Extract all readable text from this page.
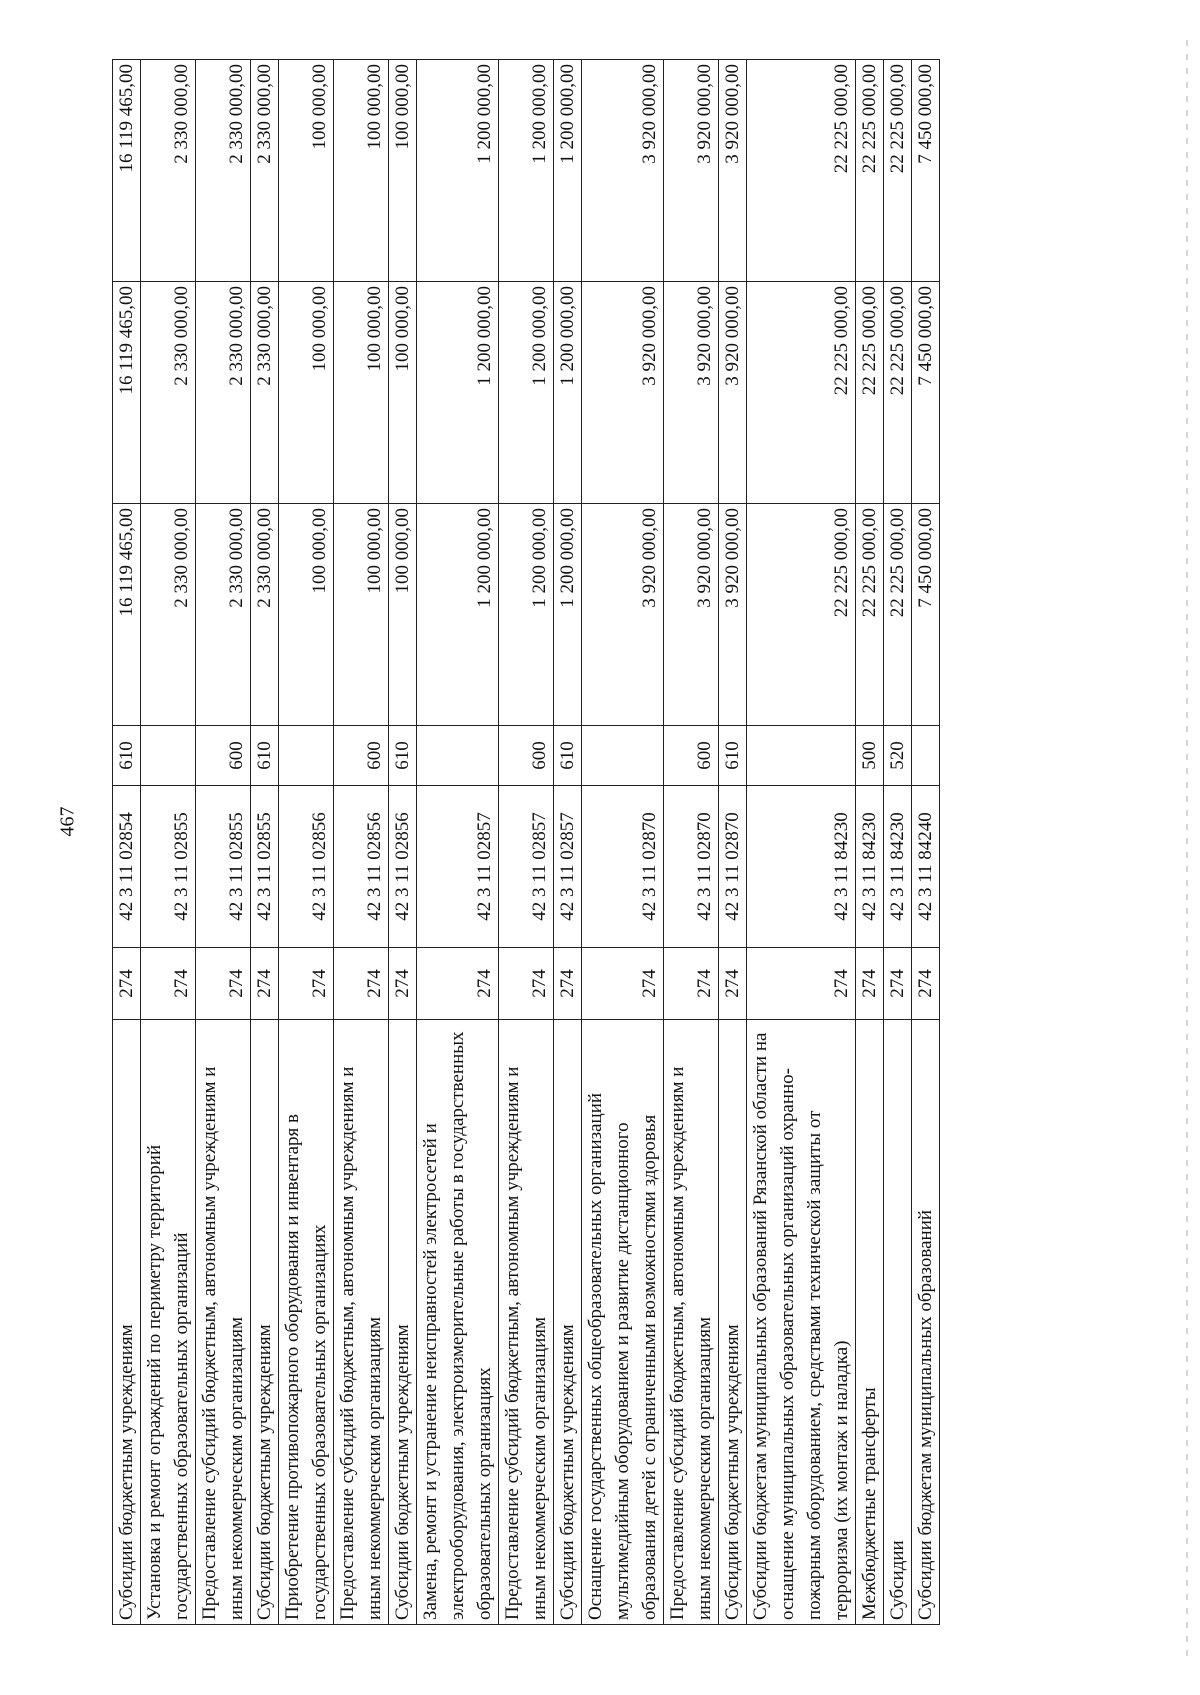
467
Субсидии бюджетным учреждениям	274	42 3 11 02854	610	16 119 465,00	16 119 465,00	16 119 465,00
Установка и ремонт ограждений по периметру территорий государственных образовательных организаций	274	42 3 11 02855		2 330 000,00	2 330 000,00	2 330 000,00
Предоставление субсидий бюджетным, автономным учреждениям и иным некоммерческим организациям	274	42 3 11 02855	600	2 330 000,00	2 330 000,00	2 330 000,00
Субсидии бюджетным учреждениям	274	42 3 11 02855	610	2 330 000,00	2 330 000,00	2 330 000,00
Приобретение противопожарного оборудования и инвентаря в государственных образовательных организациях	274	42 3 11 02856		100 000,00	100 000,00	100 000,00
Предоставление субсидий бюджетным, автономным учреждениям и иным некоммерческим организациям	274	42 3 11 02856	600	100 000,00	100 000,00	100 000,00
Субсидии бюджетным учреждениям	274	42 3 11 02856	610	100 000,00	100 000,00	100 000,00
Замена, ремонт и устранение неисправностей электросетей и электрооборудования, электроизмерительные работы в государственных образовательных организациях	274	42 3 11 02857		1 200 000,00	1 200 000,00	1 200 000,00
Предоставление субсидий бюджетным, автономным учреждениям и иным некоммерческим организациям	274	42 3 11 02857	600	1 200 000,00	1 200 000,00	1 200 000,00
Субсидии бюджетным учреждениям	274	42 3 11 02857	610	1 200 000,00	1 200 000,00	1 200 000,00
Оснащение государственных общеобразовательных организаций мультимедийным оборудованием и развитие дистанционного образования детей с ограниченными возможностями здоровья	274	42 3 11 02870		3 920 000,00	3 920 000,00	3 920 000,00
Предоставление субсидий бюджетным, автономным учреждениям и иным некоммерческим организациям	274	42 3 11 02870	600	3 920 000,00	3 920 000,00	3 920 000,00
Субсидии бюджетным учреждениям	274	42 3 11 02870	610	3 920 000,00	3 920 000,00	3 920 000,00
Субсидии бюджетам муниципальных образований Рязанской области на оснащение муниципальных образовательных организаций охранно-пожарным оборудованием, средствами технической защиты от терроризма (их монтаж и наладка)	274	42 3 11 84230		22 225 000,00	22 225 000,00	22 225 000,00
Межбюджетные трансферты	274	42 3 11 84230	500	22 225 000,00	22 225 000,00	22 225 000,00
Субсидии	274	42 3 11 84230	520	22 225 000,00	22 225 000,00	22 225 000,00
Субсидии бюджетам муниципальных образований	274	42 3 11 84240		7 450 000,00	7 450 000,00	7 450 000,00
